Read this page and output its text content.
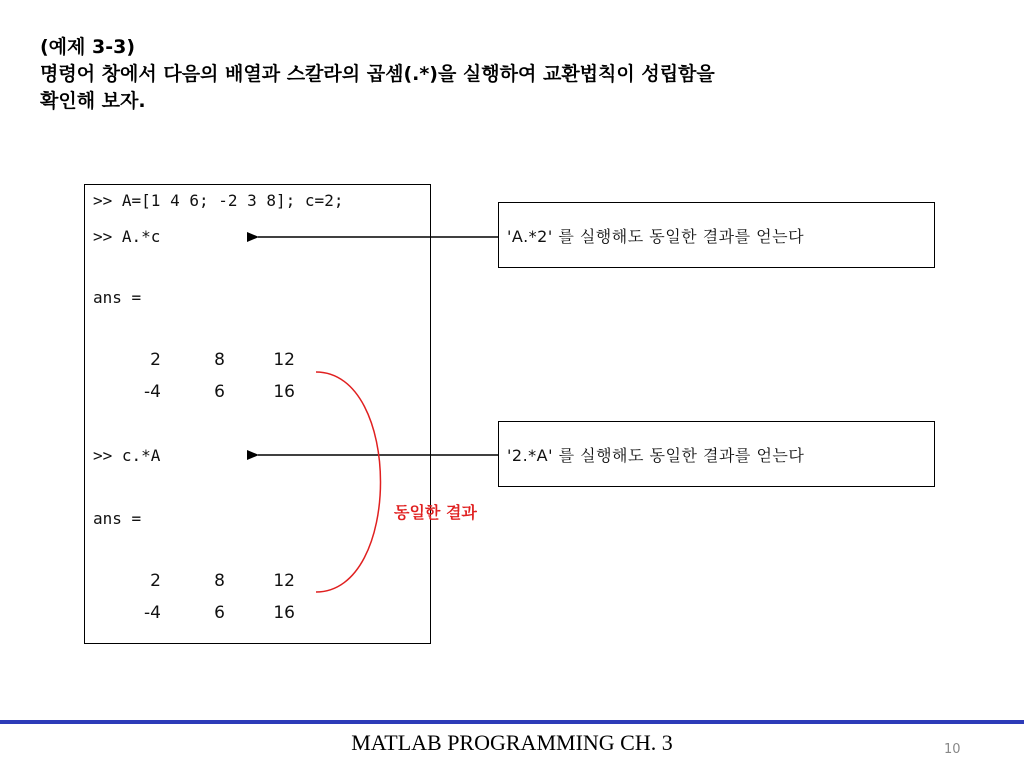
(예제 3-3)
명령어 창에서 다음의 배열과 스칼라의 곱셈(.*)을 실행하여 교환법칙이 성립함을
확인해 보자.
>> A=[1 4 6; -2 3 8]; c=2;
>> A.*c
ans =
2	8	12
-4	6	16
>> c.*A
ans =
2	8	12
-4	6	16
'A.*2' 를 실행해도 동일한 결과를 얻는다
'2.*A' 를 실행해도 동일한 결과를 얻는다
동일한 결과
MATLAB PROGRAMMING CH. 3	10
